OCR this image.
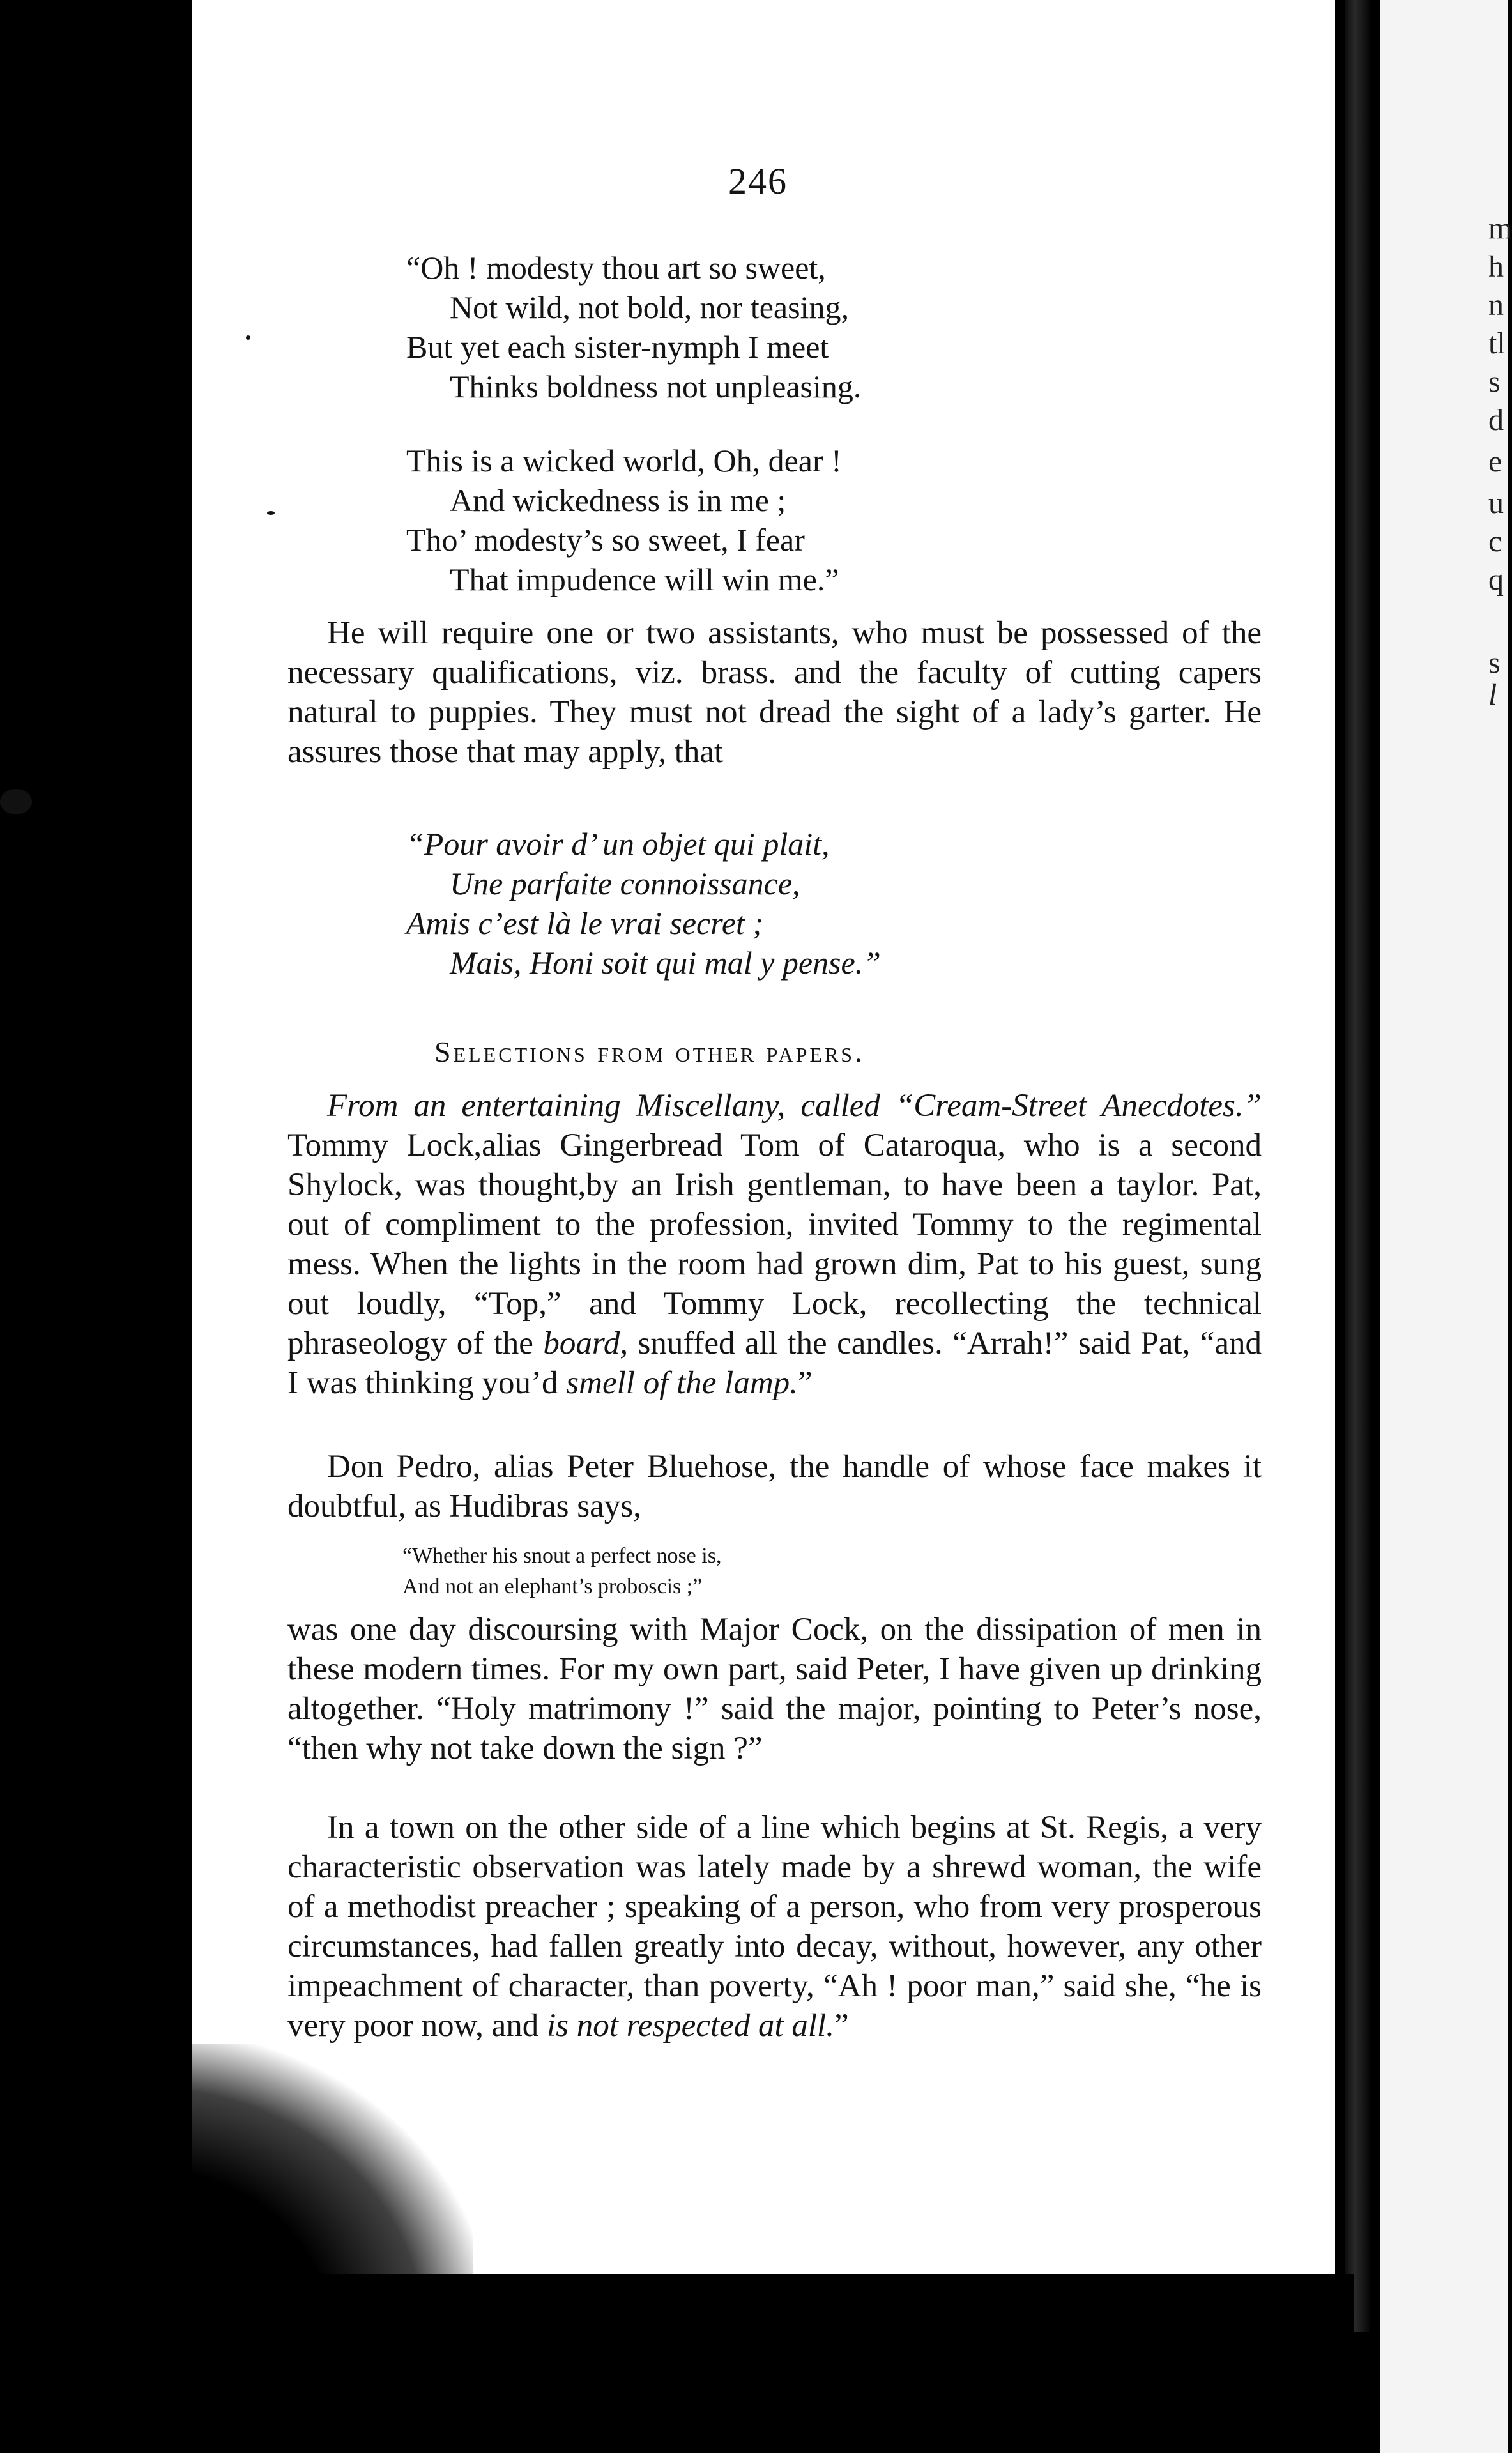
m
h
n
tl
s
d
e
u
c
q
s
l
246
“Oh ! modesty thou art so sweet,
Not wild, not bold, nor teasing,
But yet each sister-nymph I meet
Thinks boldness not unpleasing.
This is a wicked world, Oh, dear !
And wickedness is in me ;
Tho’ modesty’s so sweet, I fear
That impudence will win me.”
He will require one or two assistants, who must be possessed of the necessary qualifications, viz. brass. and the faculty of cutting capers natural to puppies. They must not dread the sight of a lady’s garter. He assures those that may apply, that
“Pour avoir d’ un objet qui plait,
Une parfaite connoissance,
Amis c’est là le vrai secret ;
Mais, Honi soit qui mal y pense.”
Selections from other papers.
From an entertaining Miscellany, called “Cream-Street Anecdotes.” Tommy Lock,alias Gingerbread Tom of Cataroqua, who is a second Shylock, was thought,by an Irish gentleman, to have been a taylor. Pat, out of compliment to the profession, invited Tommy to the regimental mess. When the lights in the room had grown dim, Pat to his guest, sung out loudly, “Top,” and Tommy Lock, recollecting the technical phraseology of the board, snuffed all the candles. “Arrah!” said Pat, “and I was thinking you’d smell of the lamp.”
Don Pedro, alias Peter Bluehose, the handle of whose face makes it doubtful, as Hudibras says,
“Whether his snout a perfect nose is,
And not an elephant’s proboscis ;”
was one day discoursing with Major Cock, on the dissipation of men in these modern times. For my own part, said Peter, I have given up drinking altogether. “Holy matrimony !” said the major, pointing to Peter’s nose, “then why not take down the sign ?”
In a town on the other side of a line which begins at St. Regis, a very characteristic observation was lately made by a shrewd woman, the wife of a methodist preacher ; speaking of a person, who from very prosperous circumstances, had fallen greatly into decay, without, however, any other impeachment of character, than poverty, “Ah ! poor man,” said she, “he is very poor now, and is not respected at all.”
